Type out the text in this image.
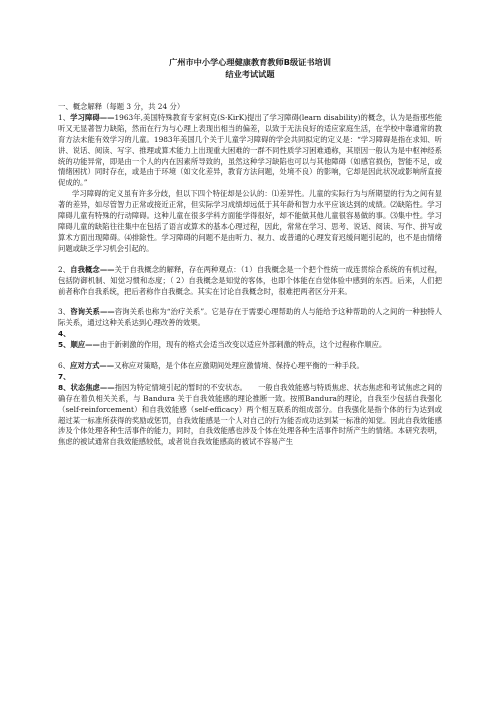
广州市中小学心理健康教育教师B级证书培训
结业考试试题

一、概念解释（每题 3 分，共 24 分）

1、学习障碍——1963年,美国特殊教育专家柯克(S·KirK)提出了学习障碍(learn disability)的概念，认为是指那些能听又无显著智力缺陷，然而在行为与心理上表现出相当的偏差，以致于无法良好的适应家庭生活，在学校中靠通常的教育方法未能有效学习的儿童。1983年美国几个关于儿童学习障碍的学会共同拟定的定义是：“学习障碍是指在求知、听讲、说话、阅读、写字、推理或算术能力上出现重大困难的一群不同性质学习困难通称，其原因一般认为是中枢神经系统的功能异常，即是由一个人的内在因素所导致的，虽然这种学习缺陷也可以与其他障碍（如感官损伤，智能不足，或情绪困扰）同时存在，或是由于环境（如文化差异，教育方法问题，处境不良）的影响，它却是因此状况或影响所直接促成的。”

学习障碍的定义虽有许多分歧，但以下四个特征却是公认的：⑴差异性。儿童的实际行为与所期望的行为之间有显著的差异，如尽管智力正常或接近正常，但实际学习成绩却远低于其年龄和智力水平应该达到的成绩。⑵缺陷性。学习障碍儿童有特殊的行动障碍。这种儿童在很多学科方面能学得很好，却不能做其他儿童很容易做的事。⑶集中性。学习障碍儿童的缺陷往往集中在包括了语言或算术的基本心理过程，因此，常常在学习、思考、说话、阅读、写作、拼写或算术方面出现障碍。⑷排除性。学习障碍的问题不是由听力、视力、或普通的心理发育迟缓问题引起的，也不是由情绪问题或缺乏学习机会引起的。

2、自我概念——关于自我概念的解释，存在两种观点：（1）自我概念是一个把个性统一成连贯综合系统的有机过程，包括防御机制、知觉习惯和态度；（ 2）自我概念是知觉的客体，也即个体能在自觉体验中感到的东西。后来，人们把前者称作自我系统，把后者称作自我概念。其实在讨论自我概念时，很难把两者区分开来。

3、咨询关系——咨询关系也称为“治疗关系”。它是存在于需要心理帮助的人与能给予这种帮助的人之间的一种独特人际关系，通过这种关系达到心理改善的效果。

4、

5、顺应——由于新刺激的作用，现有的格式会适当改变以适应外部刺激的特点，这个过程称作顺应。

6、应对方式——又称应对策略，是个体在应激期间处理应激情境、保持心理平衡的一种手段。

7、

8、状态焦虑——指因为特定情境引起的暂时的不安状态。　　一般自我效能感与特质焦虑、状态焦虑和考试焦虑之间的确存在着负相关关系，与 Bandura 关于自我效能感的理论推断一致。按照Bandura的理论，自我至少包括自我强化（self-reinforcement）和自我效能感（self-efficacy）两个相互联系的组成部分。自我强化是指个体的行为达到或超过某一标准所获得的奖励或惩罚，自我效能感是一个人对自己的行为能否成功达到某一标准的知觉。因此自我效能感涉及个体处理各种生活事件的能力，同时，自我效能感也涉及个体在处理各种生活事件时所产生的情绪。本研究表明，焦虑的被试通常自我效能感较低，或者说自我效能感高的被试不容易产生
